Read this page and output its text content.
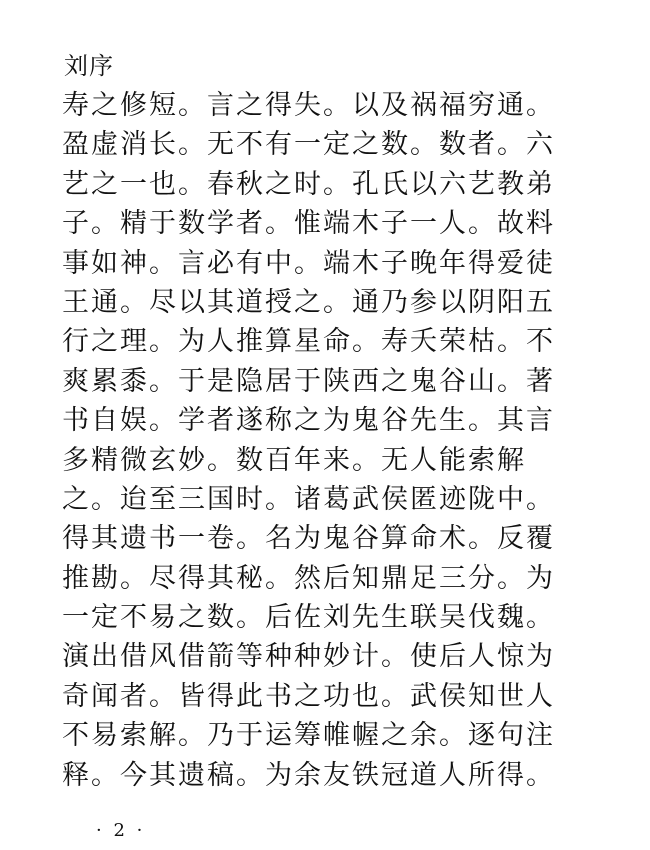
刘序
寿之修短。言之得失。以及祸福穷通。
盈虚消长。无不有一定之数。数者。六
艺之一也。春秋之时。孔氏以六艺教弟
子。精于数学者。惟端木子一人。故料
事如神。言必有中。端木子晚年得爱徒
王通。尽以其道授之。通乃参以阴阳五
行之理。为人推算星命。寿夭荣枯。不
爽累黍。于是隐居于陕西之鬼谷山。著
书自娱。学者遂称之为鬼谷先生。其言
多精微玄妙。数百年来。无人能索解
之。迨至三国时。诸葛武侯匿迹陇中。
得其遗书一卷。名为鬼谷算命术。反覆
推勘。尽得其秘。然后知鼎足三分。为
一定不易之数。后佐刘先生联吴伐魏。
演出借风借箭等种种妙计。使后人惊为
奇闻者。皆得此书之功也。武侯知世人
不易索解。乃于运筹帷幄之余。逐句注
释。今其遗稿。为余友铁冠道人所得。
· 2 ·
